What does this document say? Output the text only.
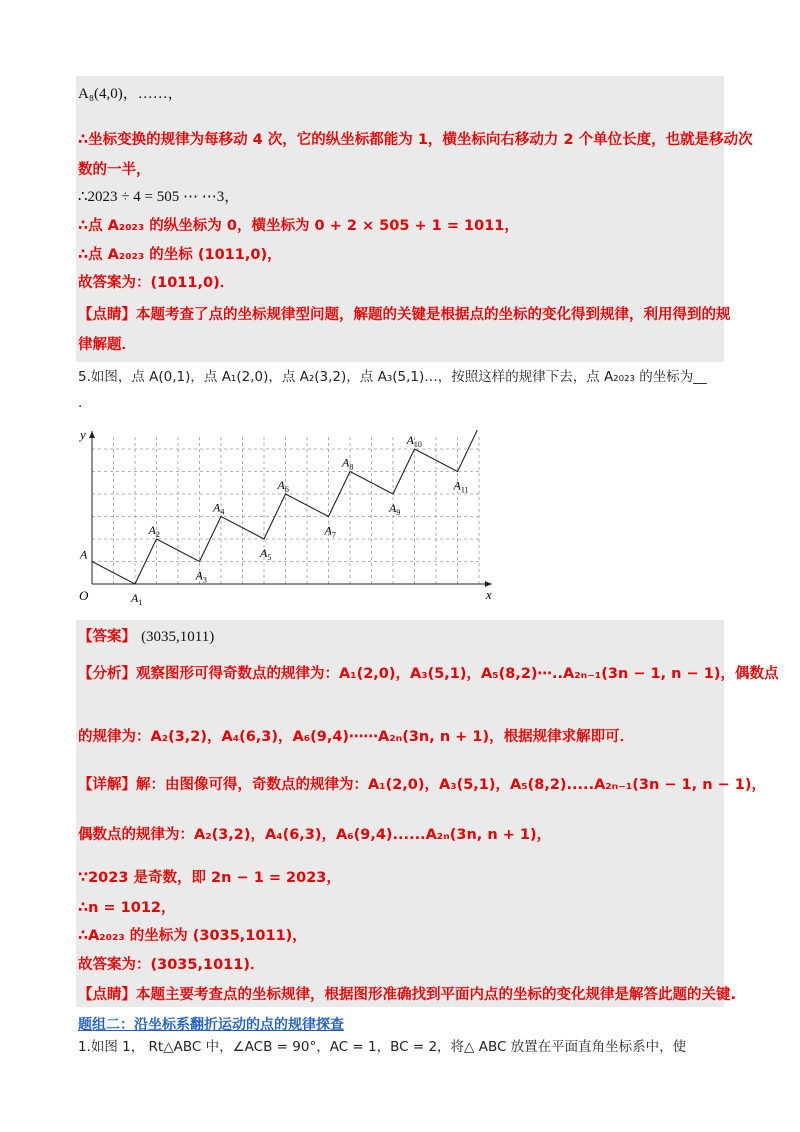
A₈(4,0)，……，
∴坐标变换的规律为每移动 4 次，它的纵坐标都能为 1，横坐标向右移动力 2 个单位长度，也就是移动次
数的一半，
∴2023 ÷ 4 = 505 ⋯ ⋯3，
∴点 A₂₀₂₃ 的纵坐标为 0，横坐标为 0 + 2 × 505 + 1 = 1011，
∴点 A₂₀₂₃ 的坐标 (1011,0)，
故答案为：(1011,0)．
【点睛】本题考查了点的坐标规律型问题，解题的关键是根据点的坐标的变化得到规律，利用得到的规
律解题．
5.如图，点 A(0,1)，点 A₁(2,0)，点 A₂(3,2)，点 A₃(5,1)…，按照这样的规律下去，点 A₂₀₂₃ 的坐标为__
.
x
y
O
A
$A_1$
$A_2$
$A_3$
$A_4$
$A_5$
$A_6$
$A_7$
$A_8$
$A_9$
$A_{10}$
$A_{11}$
【答案】 (3035,1011)
【分析】观察图形可得奇数点的规律为：A₁(2,0)，A₃(5,1)，A₅(8,2)⋯..A₂ₙ₋₁(3n − 1, n − 1)，偶数点
的规律为：A₂(3,2)，A₄(6,3)，A₆(9,4)⋯⋯A₂ₙ(3n, n + 1)，根据规律求解即可．
【详解】解：由图像可得，奇数点的规律为：A₁(2,0)，A₃(5,1)，A₅(8,2).....A₂ₙ₋₁(3n − 1, n − 1)，
偶数点的规律为：A₂(3,2)，A₄(6,3)，A₆(9,4)......A₂ₙ(3n, n + 1)，
∵2023 是奇数，即 2n − 1 = 2023，
∴n = 1012，
∴A₂₀₂₃ 的坐标为 (3035,1011)，
故答案为：(3035,1011)．
【点睛】本题主要考查点的坐标规律，根据图形准确找到平面内点的坐标的变化规律是解答此题的关键.
题组二：沿坐标系翻折运动的点的规律探查
1.如图 1， Rt△ABC 中，∠ACB = 90°，AC = 1，BC = 2，将△ ABC 放置在平面直角坐标系中，使
